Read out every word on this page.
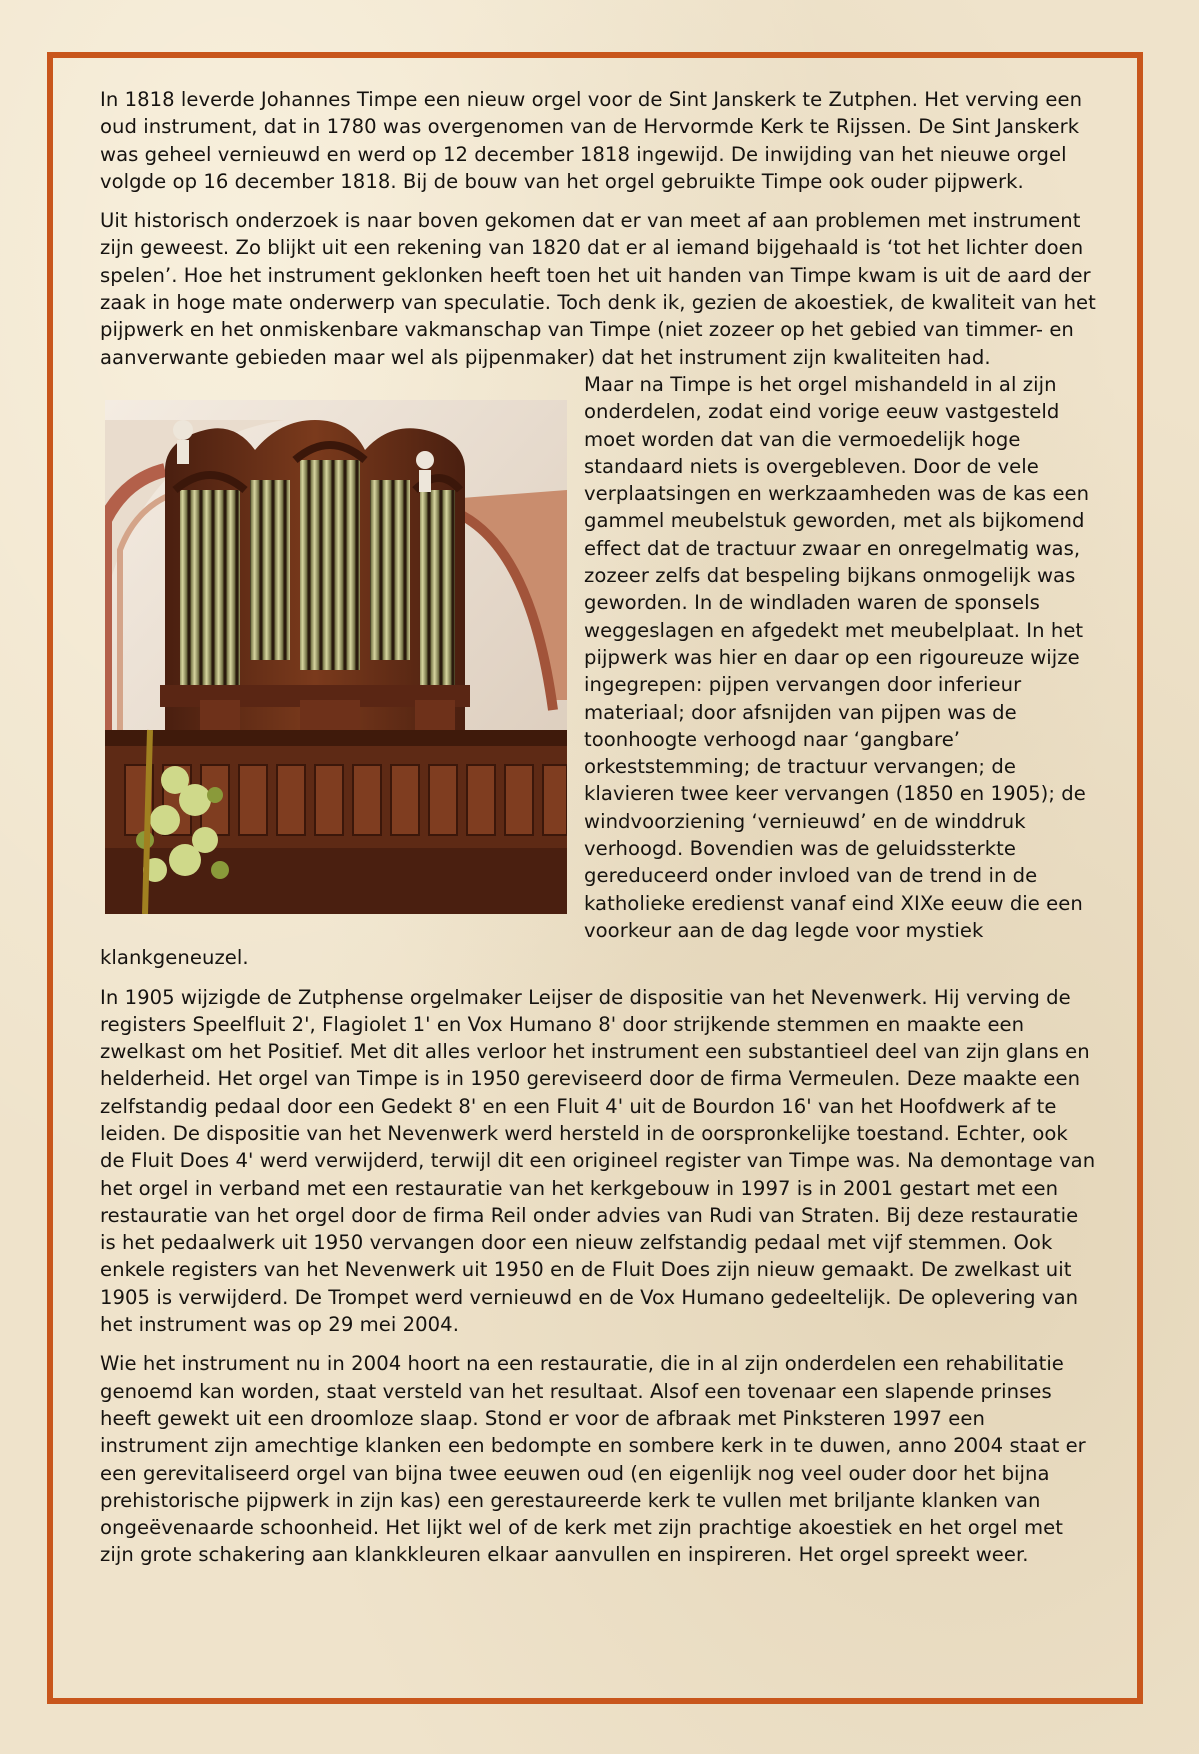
In 1818 leverde Johannes Timpe een nieuw orgel voor de Sint Janskerk te Zutphen. Het verving een oud instrument, dat in 1780 was overgenomen van de Hervormde Kerk te Rijssen. De Sint Janskerk was geheel vernieuwd en werd op 12 december 1818 ingewijd. De inwijding van het nieuwe orgel volgde op 16 december 1818. Bij de bouw van het orgel gebruikte Timpe ook ouder pijpwerk.

Uit historisch onderzoek is naar boven gekomen dat er van meet af aan problemen met instrument zijn geweest. Zo blijkt uit een rekening van 1820 dat er al iemand bijgehaald is ‘tot het lichter doen spelen’. Hoe het instrument geklonken heeft toen het uit handen van Timpe kwam is uit de aard der zaak in hoge mate onderwerp van speculatie. Toch denk ik, gezien de akoestiek, de kwaliteit van het pijpwerk en het onmiskenbare vakmanschap van Timpe (niet zozeer op het gebied van timmer- en aanverwante gebieden maar wel als pijpenmaker) dat het instrument zijn kwaliteiten had.

Maar na Timpe is het orgel mishandeld in al zijn onderdelen, zodat eind vorige eeuw vastgesteld moet worden dat van die vermoedelijk hoge standaard niets is overgebleven. Door de vele verplaatsingen en werkzaamheden was de kas een gammel meubelstuk geworden, met als bijkomend effect dat de tractuur zwaar en onregelmatig was, zozeer zelfs dat bespeling bijkans onmogelijk was geworden. In de windladen waren de sponsels weggeslagen en afgedekt met meubelplaat. In het pijpwerk was hier en daar op een rigoureuze wijze ingegrepen: pijpen vervangen door inferieur materiaal; door afsnijden van pijpen was de toonhoogte verhoogd naar ‘gangbare’ orkeststemming; de tractuur vervangen; de klavieren twee keer vervangen (1850 en 1905); de windvoorziening ‘vernieuwd’ en de winddruk verhoogd. Bovendien was de geluidssterkte gereduceerd onder invloed van de trend in de katholieke eredienst vanaf eind XIXe eeuw die een voorkeur aan de dag legde voor mystiek klankgeneuzel.

In 1905 wijzigde de Zutphense orgelmaker Leijser de dispositie van het Nevenwerk. Hij verving de registers Speelfluit 2', Flagiolet 1' en Vox Humano 8' door strijkende stemmen en maakte een zwelkast om het Positief. Met dit alles verloor het instrument een substantieel deel van zijn glans en helderheid. Het orgel van Timpe is in 1950 gereviseerd door de firma Vermeulen. Deze maakte een zelfstandig pedaal door een Gedekt 8' en een Fluit 4' uit de Bourdon 16' van het Hoofdwerk af te leiden. De dispositie van het Nevenwerk werd hersteld in de oorspronkelijke toestand. Echter, ook de Fluit Does 4' werd verwijderd, terwijl dit een origineel register van Timpe was. Na demontage van het orgel in verband met een restauratie van het kerkgebouw in 1997 is in 2001 gestart met een restauratie van het orgel door de firma Reil onder advies van Rudi van Straten. Bij deze restauratie is het pedaalwerk uit 1950 vervangen door een nieuw zelfstandig pedaal met vijf stemmen. Ook enkele registers van het Nevenwerk uit 1950 en de Fluit Does zijn nieuw gemaakt. De zwelkast uit 1905 is verwijderd. De Trompet werd vernieuwd en de Vox Humano gedeeltelijk. De oplevering van het instrument was op 29 mei 2004.

Wie het instrument nu in 2004 hoort na een restauratie, die in al zijn onderdelen een rehabilitatie genoemd kan worden, staat versteld van het resultaat. Alsof een tovenaar een slapende prinses heeft gewekt uit een droomloze slaap. Stond er voor de afbraak met Pinksteren 1997 een instrument zijn amechtige klanken een bedompte en sombere kerk in te duwen, anno 2004 staat er een gerevitaliseerd orgel van bijna twee eeuwen oud (en eigenlijk nog veel ouder door het bijna prehistorische pijpwerk in zijn kas) een gerestaureerde kerk te vullen met briljante klanken van ongeëvenaarde schoonheid. Het lijkt wel of de kerk met zijn prachtige akoestiek en het orgel met zijn grote schakering aan klankkleuren elkaar aanvullen en inspireren. Het orgel spreekt weer.
